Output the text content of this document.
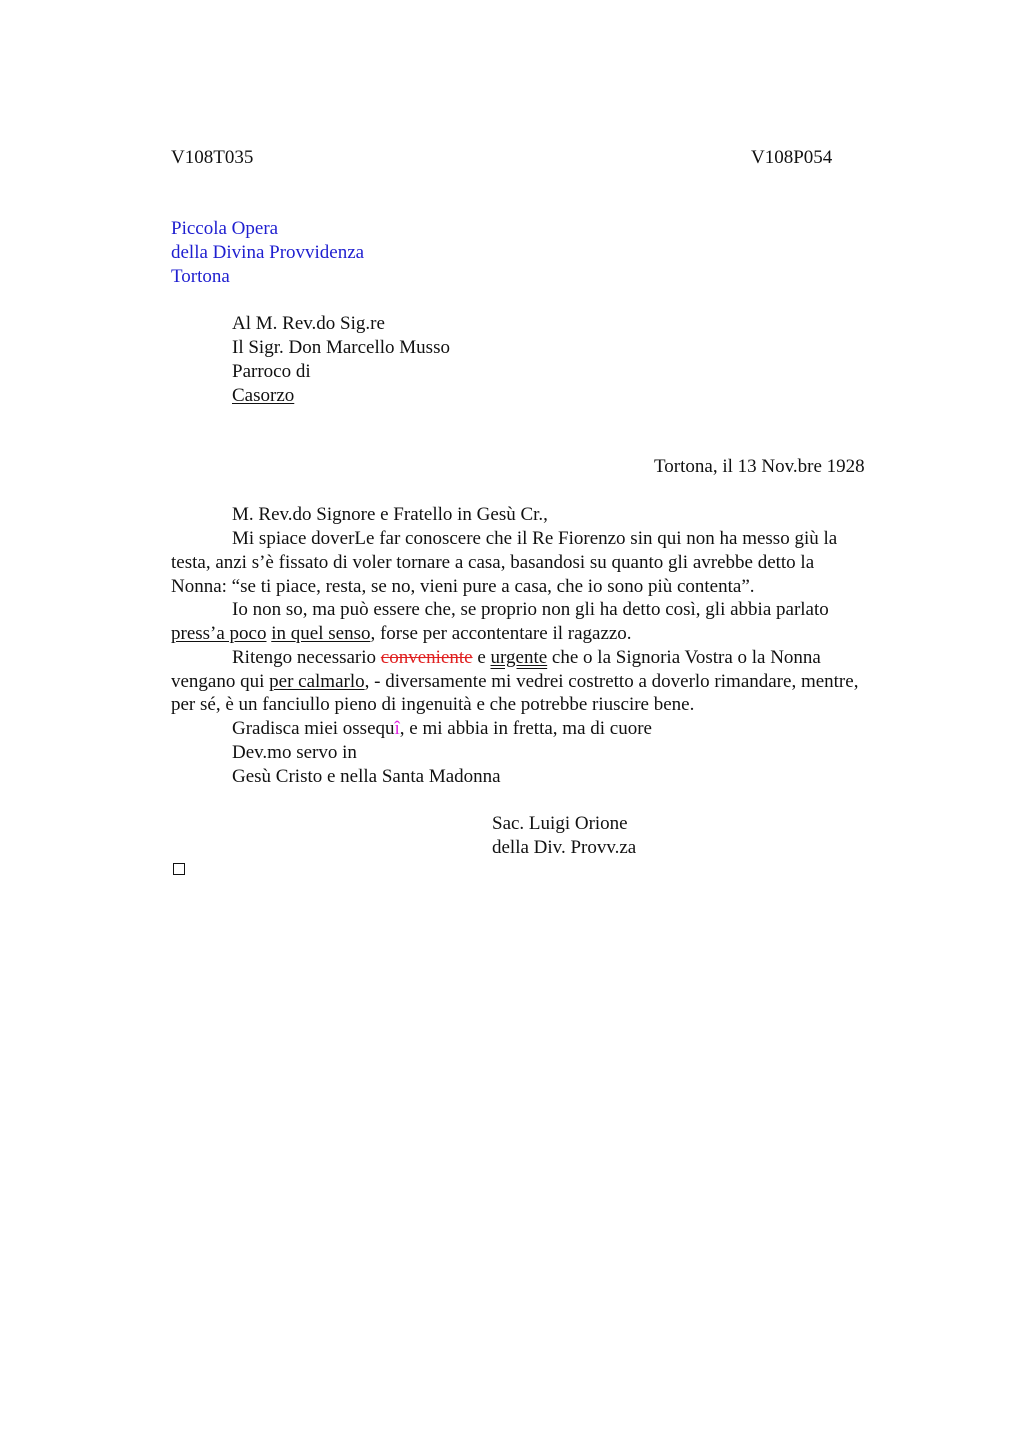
V108T035	V108P054
Piccola Opera
della Divina Provvidenza
Tortona
Al M. Rev.do Sig.re
Il Sigr. Don Marcello Musso
Parroco di
Casorzo
Tortona, il 13 Nov.bre 1928
M. Rev.do Signore e Fratello in Gesù Cr.,
Mi spiace doverLe far conoscere che il Re Fiorenzo sin qui non ha messo giù la
testa, anzi s’è fissato di voler tornare a casa, basandosi su quanto gli avrebbe detto la
Nonna: “se ti piace, resta, se no, vieni pure a casa, che io sono più contenta”.
Io non so, ma può essere che, se proprio non gli ha detto così, gli abbia parlato
press’a poco in quel senso, forse per accontentare il ragazzo.
Ritengo necessario conveniente e urgente che o la Signoria Vostra o la Nonna
vengano qui per calmarlo, - diversamente mi vedrei costretto a doverlo rimandare, mentre,
per sé, è un fanciullo pieno di ingenuità e che potrebbe riuscire bene.
Gradisca miei ossequî, e mi abbia in fretta, ma di cuore
Dev.mo servo in
Gesù Cristo e nella Santa Madonna
Sac. Luigi Orione
della Div. Provv.za
